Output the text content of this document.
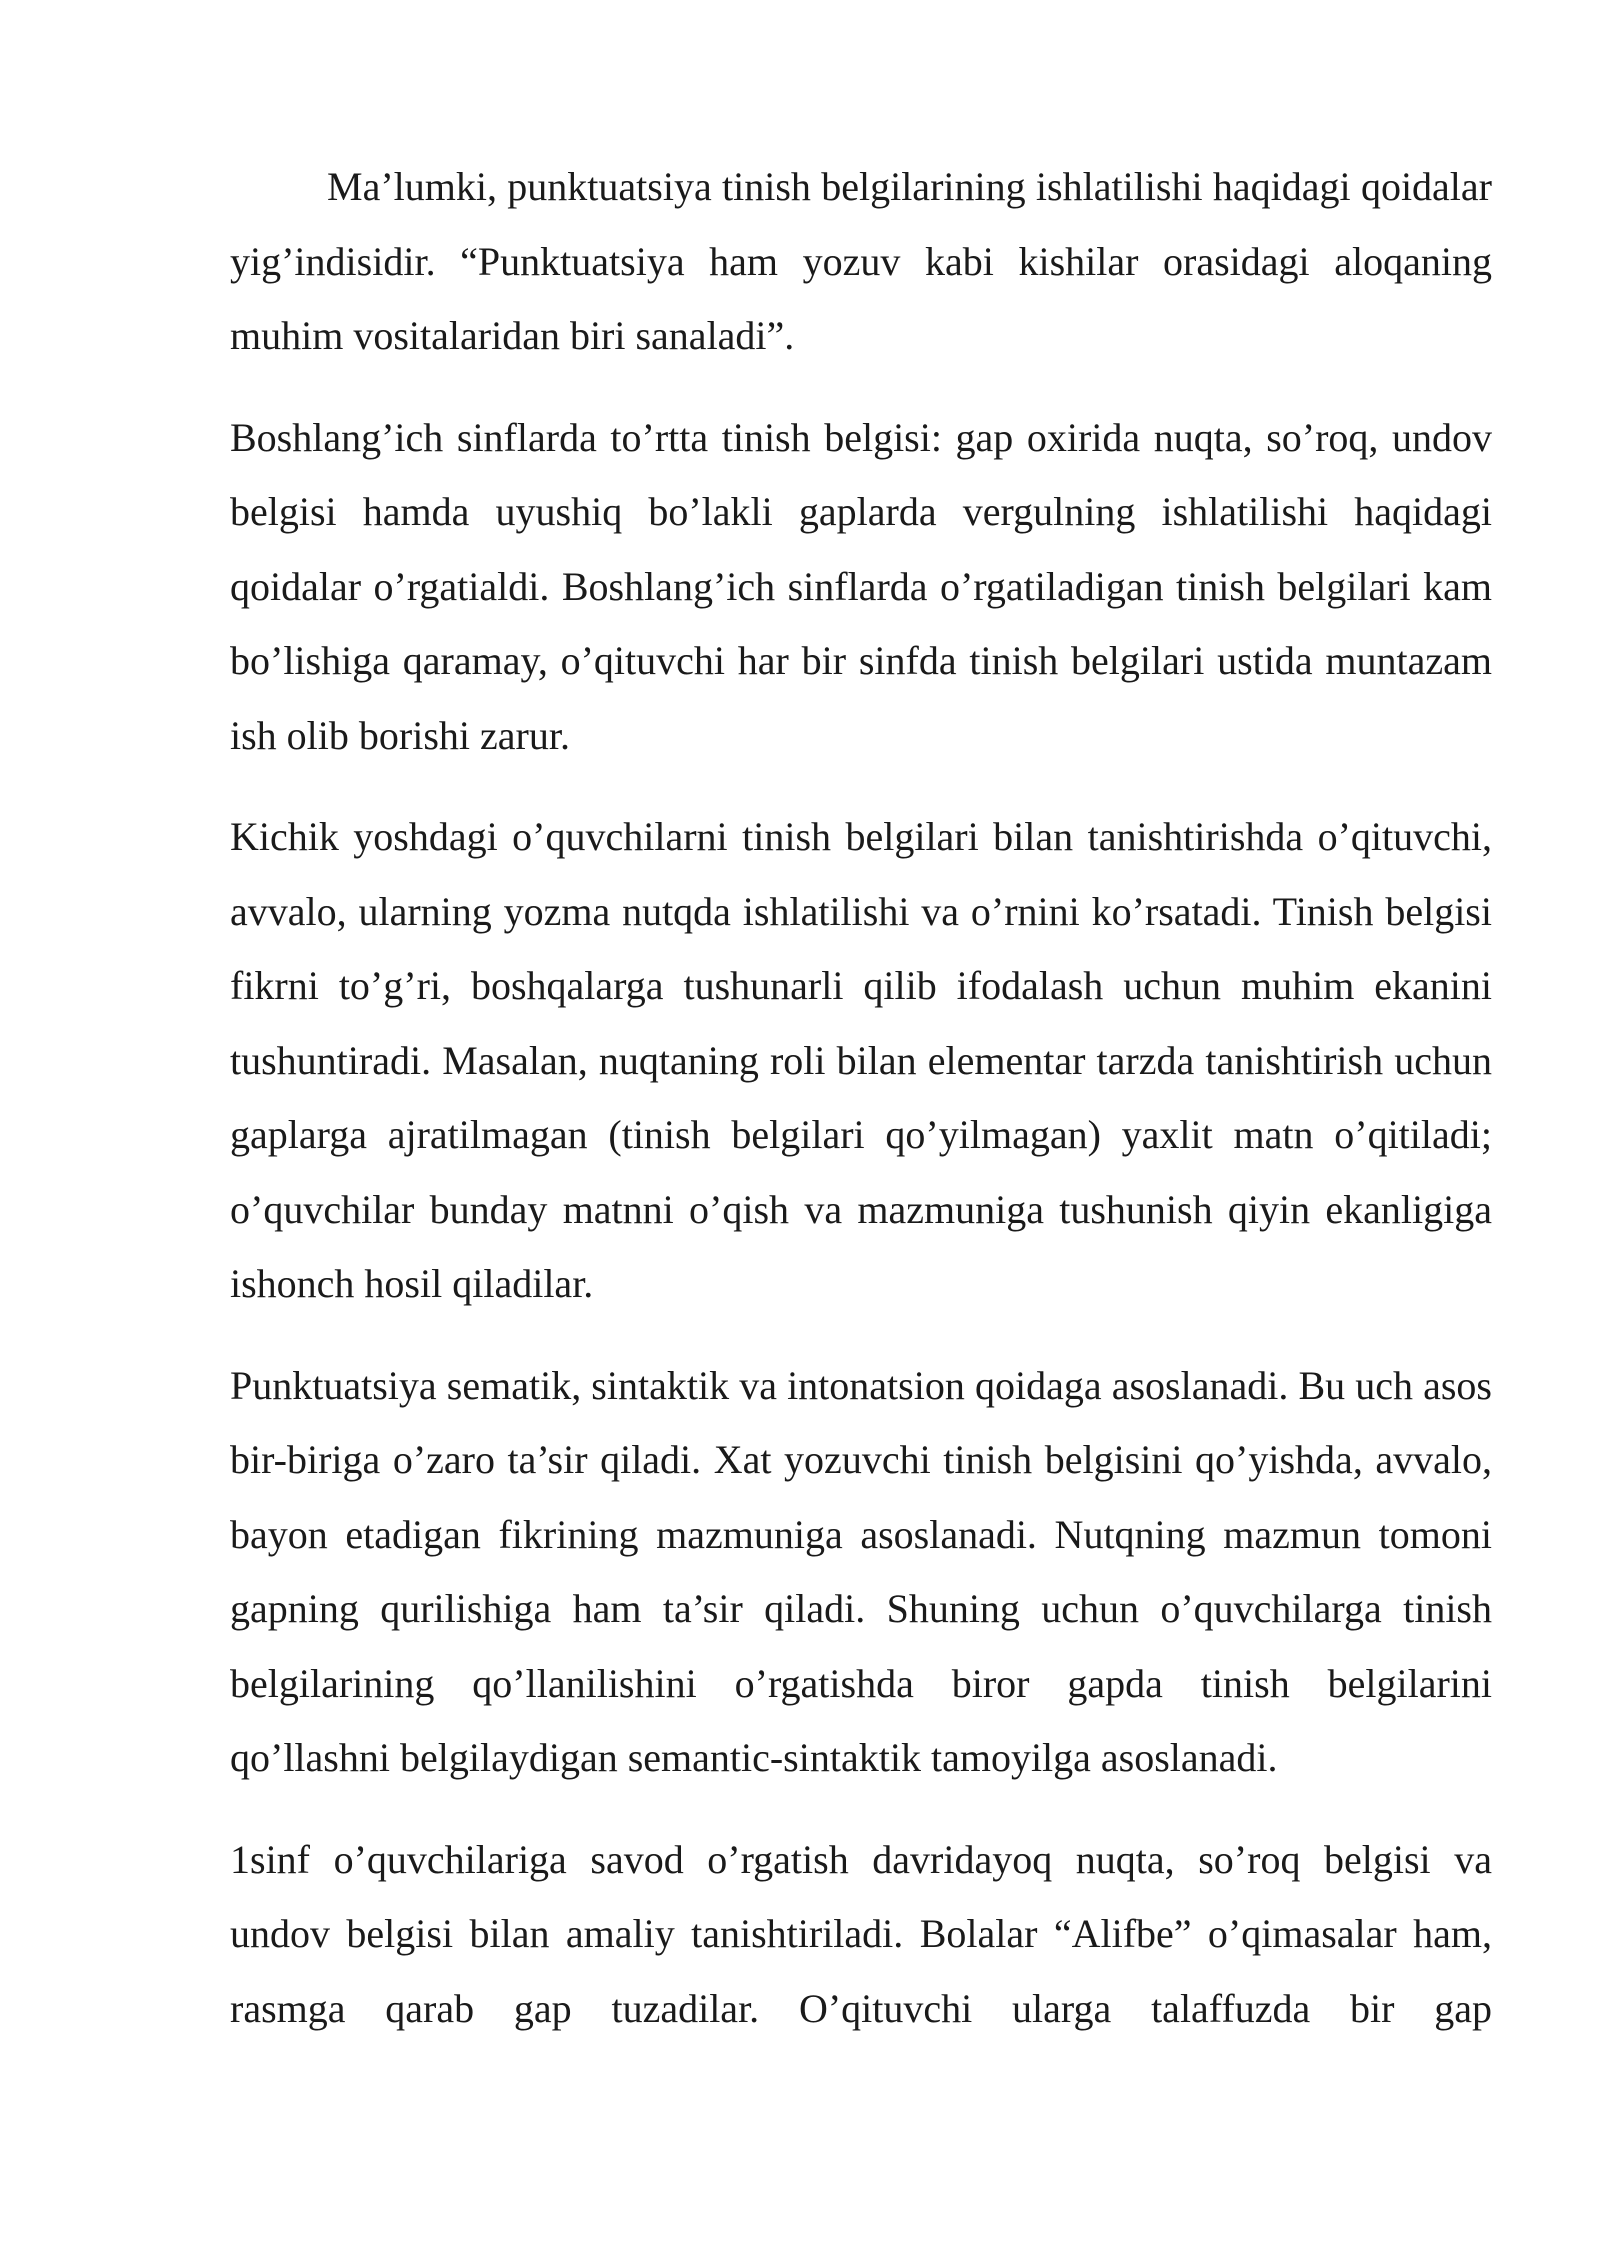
Ma’lumki, punktuatsiya tinish belgilarining ishlatilishi haqidagi qoidalar yig’indisidir. “Punktuatsiya ham yozuv kabi kishilar orasidagi aloqaning muhim vositalaridan biri sanaladi”.

Boshlang’ich sinflarda to’rtta tinish belgisi: gap oxirida nuqta, so’roq, undov belgisi hamda uyushiq bo’lakli gaplarda vergulning ishlatilishi haqidagi qoidalar o’rgatialdi. Boshlang’ich sinflarda o’rgatiladigan tinish belgilari kam bo’lishiga qaramay, o’qituvchi har bir sinfda tinish belgilari ustida muntazam ish olib borishi zarur.

Kichik yoshdagi o’quvchilarni tinish belgilari bilan tanishtirishda o’qituvchi, avvalo, ularning yozma nutqda ishlatilishi va o’rnini ko’rsatadi. Tinish belgisi fikrni to’g’ri, boshqalarga tushunarli qilib ifodalash uchun muhim ekanini tushuntiradi. Masalan, nuqtaning roli bilan elementar tarzda tanishtirish uchun gaplarga ajratilmagan (tinish belgilari qo’yilmagan) yaxlit matn o’qitiladi; o’quvchilar bunday matnni o’qish va mazmuniga tushunish qiyin ekanligiga ishonch hosil qiladilar.

Punktuatsiya sematik, sintaktik va intonatsion qoidaga asoslanadi. Bu uch asos bir-biriga o’zaro ta’sir qiladi. Xat yozuvchi tinish belgisini qo’yishda, avvalo, bayon etadigan fikrining mazmuniga asoslanadi. Nutqning mazmun tomoni gapning qurilishiga ham ta’sir qiladi. Shuning uchun o’quvchilarga tinish belgilarining qo’llanilishini o’rgatishda biror gapda tinish belgilarini qo’llashni belgilaydigan semantic-sintaktik tamoyilga asoslanadi.

1sinf o’quvchilariga savod o’rgatish davridayoq nuqta, so’roq belgisi va undov belgisi bilan amaliy tanishtiriladi. Bolalar “Alifbe” o’qimasalar ham, rasmga qarab gap tuzadilar. O’qituvchi ularga talaffuzda bir gap
